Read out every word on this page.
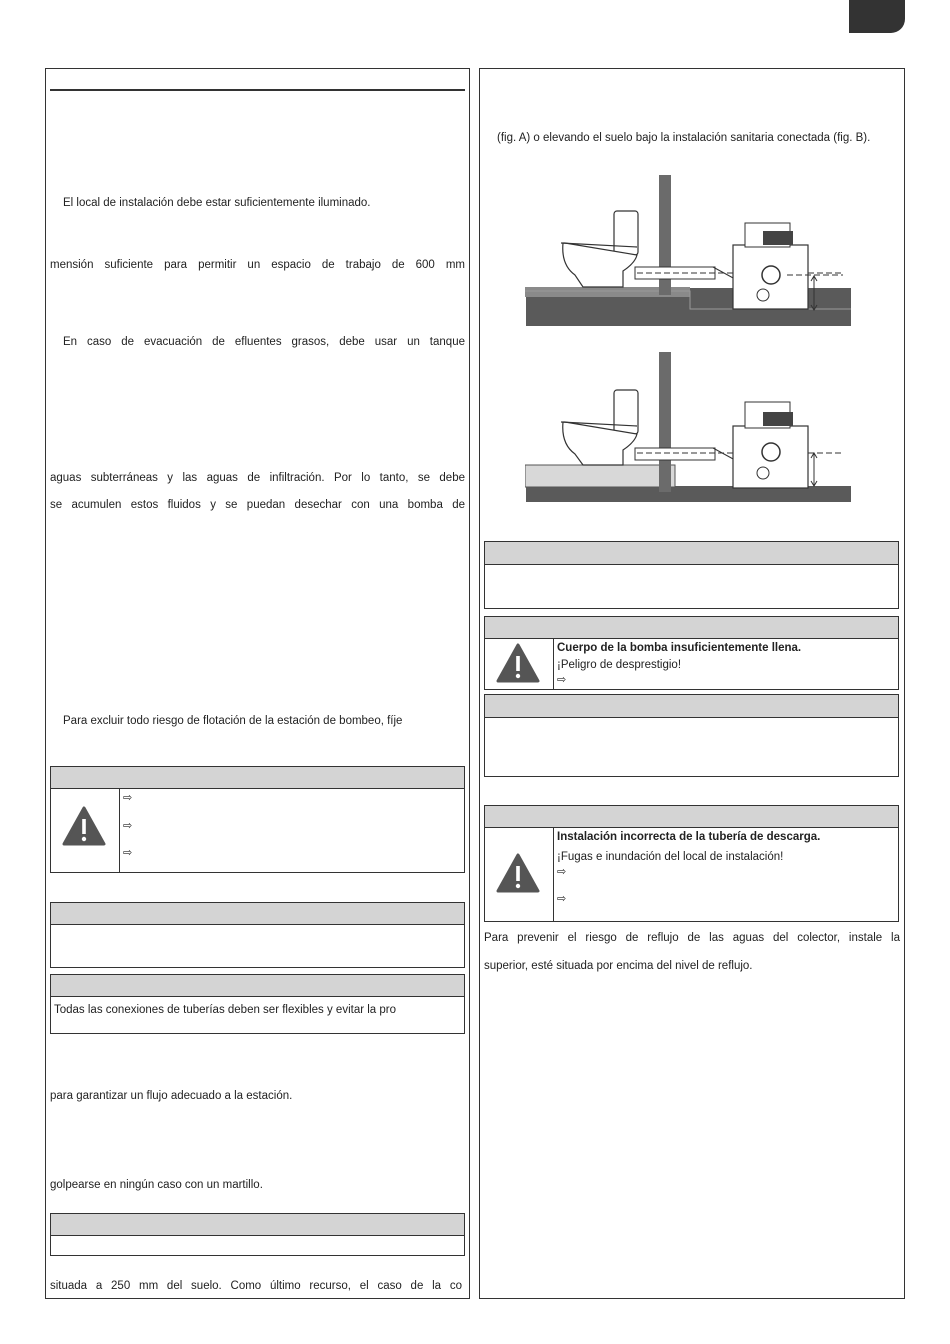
El local de instalación debe estar suficientemente iluminado.
mensión suficiente para permitir un espacio de trabajo de 600 mm
En caso de evacuación de efluentes grasos, debe usar un tanque
aguas subterráneas y las aguas de infiltración. Por lo tanto, se debe
se acumulen estos fluidos y se puedan desechar con una bomba de
Para excluir todo riesgo de flotación de la estación de bombeo, fíje
⇨
⇨
⇨
Todas las conexiones de tuberías deben ser flexibles y evitar la pro
para garantizar un flujo adecuado a la estación.
golpearse en ningún caso con un martillo.
situada a 250 mm del suelo. Como último recurso, el caso de la co
(fig. A) o elevando el suelo bajo la instalación sanitaria conectada (fig. B).
Cuerpo de la bomba insuficientemente llena.
¡Peligro de desprestigio!
⇨
Instalación incorrecta de la tubería de descarga.
¡Fugas e inundación del local de instalación!
⇨
⇨
Para prevenir el riesgo de reflujo de las aguas del colector, instale la
superior, esté situada por encima del nivel de reflujo.
